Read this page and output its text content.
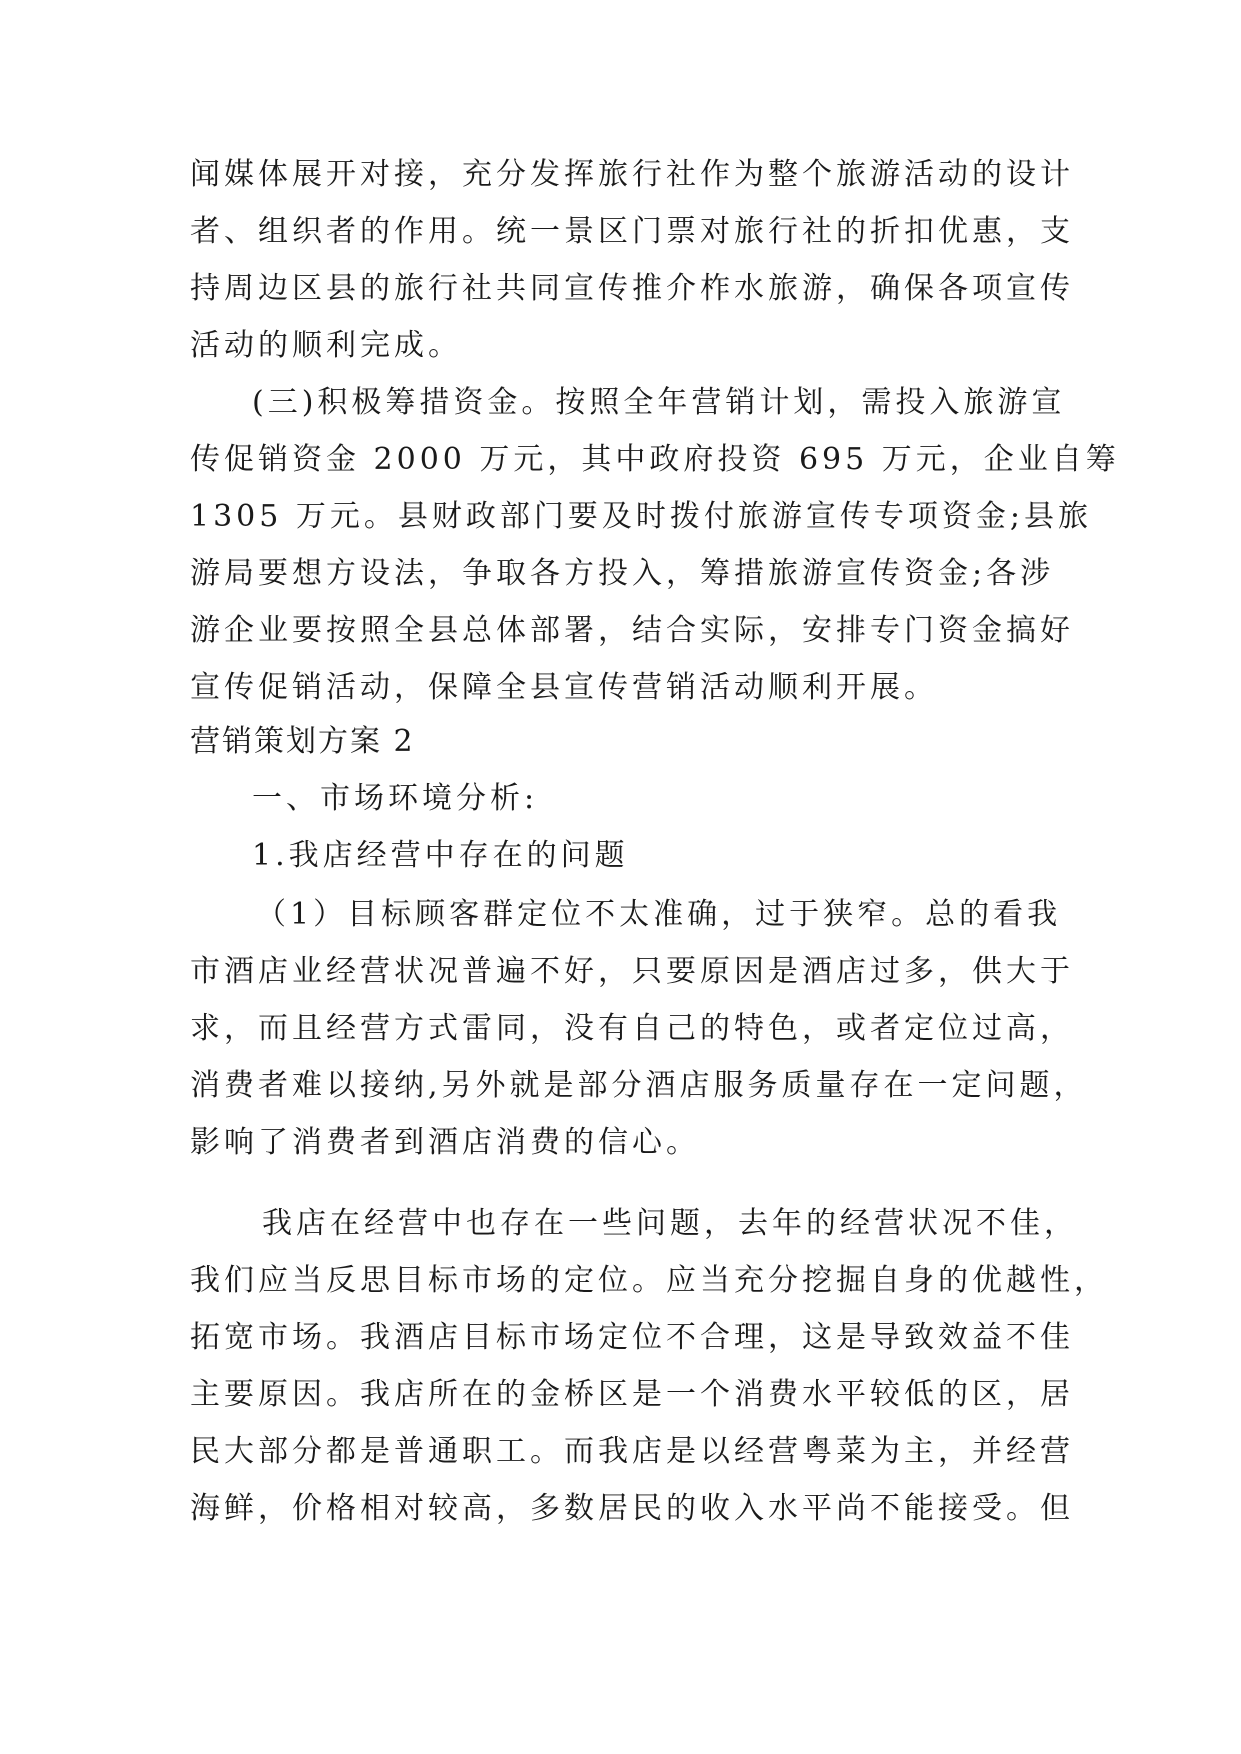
闻媒体展开对接，充分发挥旅行社作为整个旅游活动的设计
者、组织者的作用。统一景区门票对旅行社的折扣优惠，支
持周边区县的旅行社共同宣传推介柞水旅游，确保各项宣传
活动的顺利完成。
(三)积极筹措资金。按照全年营销计划，需投入旅游宣
传促销资金 2000 万元，其中政府投资 695 万元，企业自筹
1305 万元。县财政部门要及时拨付旅游宣传专项资金;县旅
游局要想方设法，争取各方投入，筹措旅游宣传资金;各涉
游企业要按照全县总体部署，结合实际，安排专门资金搞好
宣传促销活动，保障全县宣传营销活动顺利开展。
营销策划方案 2
一、市场环境分析:
1.我店经营中存在的问题
（1）目标顾客群定位不太准确，过于狭窄。总的看我
市酒店业经营状况普遍不好，只要原因是酒店过多，供大于
求，而且经营方式雷同，没有自己的特色，或者定位过高，
消费者难以接纳,另外就是部分酒店服务质量存在一定问题，
影响了消费者到酒店消费的信心。
我店在经营中也存在一些问题，去年的经营状况不佳，
我们应当反思目标市场的定位。应当充分挖掘自身的优越性，
拓宽市场。我酒店目标市场定位不合理，这是导致效益不佳
主要原因。我店所在的金桥区是一个消费水平较低的区，居
民大部分都是普通职工。而我店是以经营粤菜为主，并经营
海鲜，价格相对较高，多数居民的收入水平尚不能接受。但
